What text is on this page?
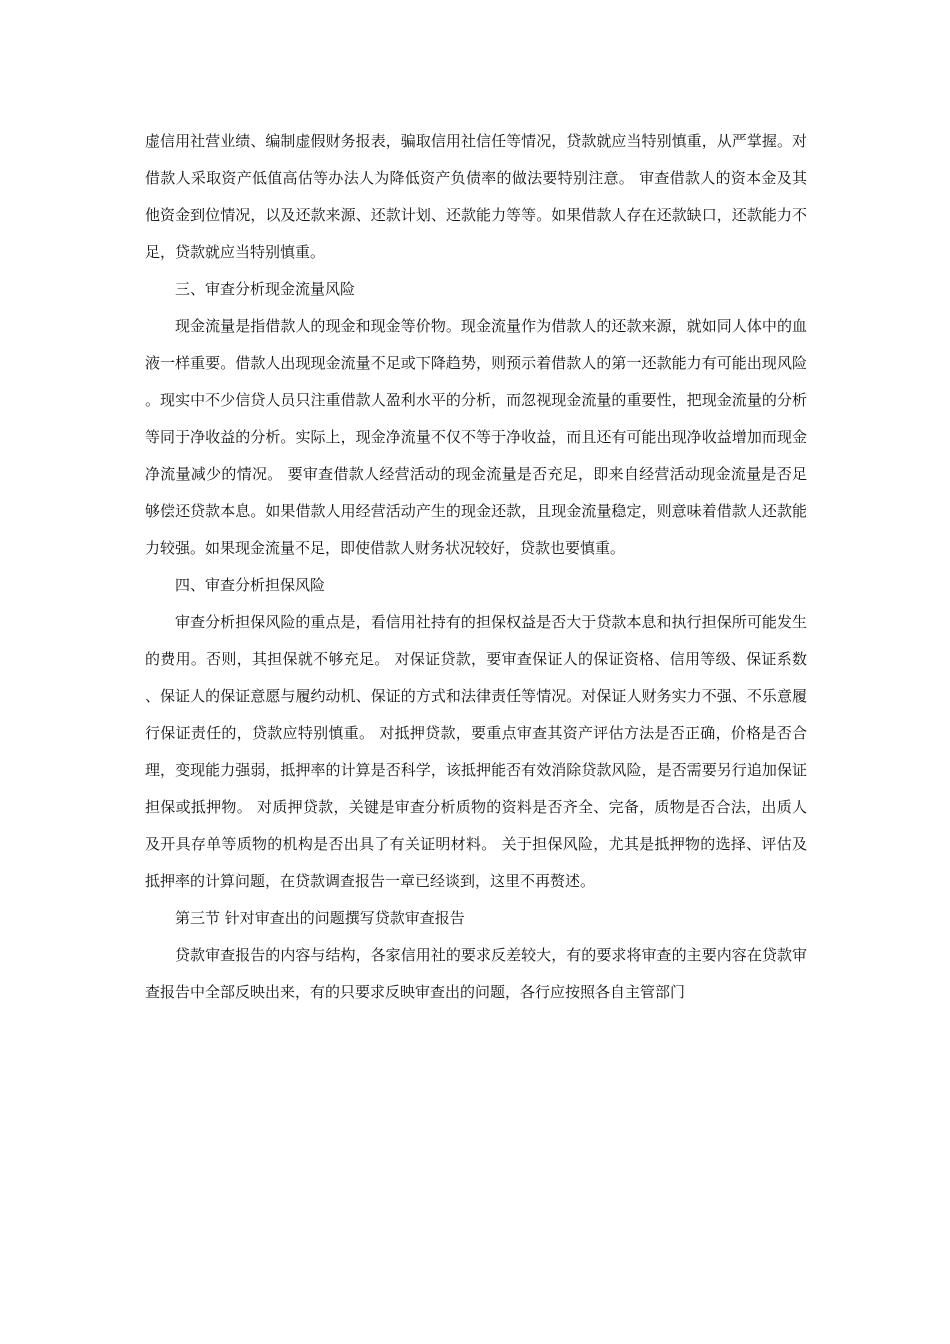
虚信用社营业绩、编制虚假财务报表，骗取信用社信任等情况，贷款就应当特别慎重，从严掌握。对借款人采取资产低值高估等办法人为降低资产负债率的做法要特别注意。 审查借款人的资本金及其他资金到位情况，以及还款来源、还款计划、还款能力等等。如果借款人存在还款缺口，还款能力不足，贷款就应当特别慎重。

三、审查分析现金流量风险

现金流量是指借款人的现金和现金等价物。现金流量作为借款人的还款来源，就如同人体中的血液一样重要。借款人出现现金流量不足或下降趋势，则预示着借款人的第一还款能力有可能出现风险。现实中不少信贷人员只注重借款人盈利水平的分析，而忽视现金流量的重要性，把现金流量的分析等同于净收益的分析。实际上，现金净流量不仅不等于净收益，而且还有可能出现净收益增加而现金净流量减少的情况。 要审查借款人经营活动的现金流量是否充足，即来自经营活动现金流量是否足够偿还贷款本息。如果借款人用经营活动产生的现金还款，且现金流量稳定，则意味着借款人还款能力较强。如果现金流量不足，即使借款人财务状况较好，贷款也要慎重。

四、审查分析担保风险

审查分析担保风险的重点是，看信用社持有的担保权益是否大于贷款本息和执行担保所可能发生的费用。否则，其担保就不够充足。 对保证贷款，要审查保证人的保证资格、信用等级、保证系数、保证人的保证意愿与履约动机、保证的方式和法律责任等情况。对保证人财务实力不强、不乐意履行保证责任的，贷款应特别慎重。 对抵押贷款，要重点审查其资产评估方法是否正确，价格是否合理，变现能力强弱，抵押率的计算是否科学，该抵押能否有效消除贷款风险，是否需要另行追加保证担保或抵押物。 对质押贷款，关键是审查分析质物的资料是否齐全、完备，质物是否合法，出质人及开具存单等质物的机构是否出具了有关证明材料。 关于担保风险，尤其是抵押物的选择、评估及抵押率的计算问题，在贷款调查报告一章已经谈到，这里不再赘述。

第三节 针对审查出的问题撰写贷款审查报告

贷款审查报告的内容与结构，各家信用社的要求反差较大，有的要求将审查的主要内容在贷款审查报告中全部反映出来，有的只要求反映审查出的问题，各行应按照各自主管部门
